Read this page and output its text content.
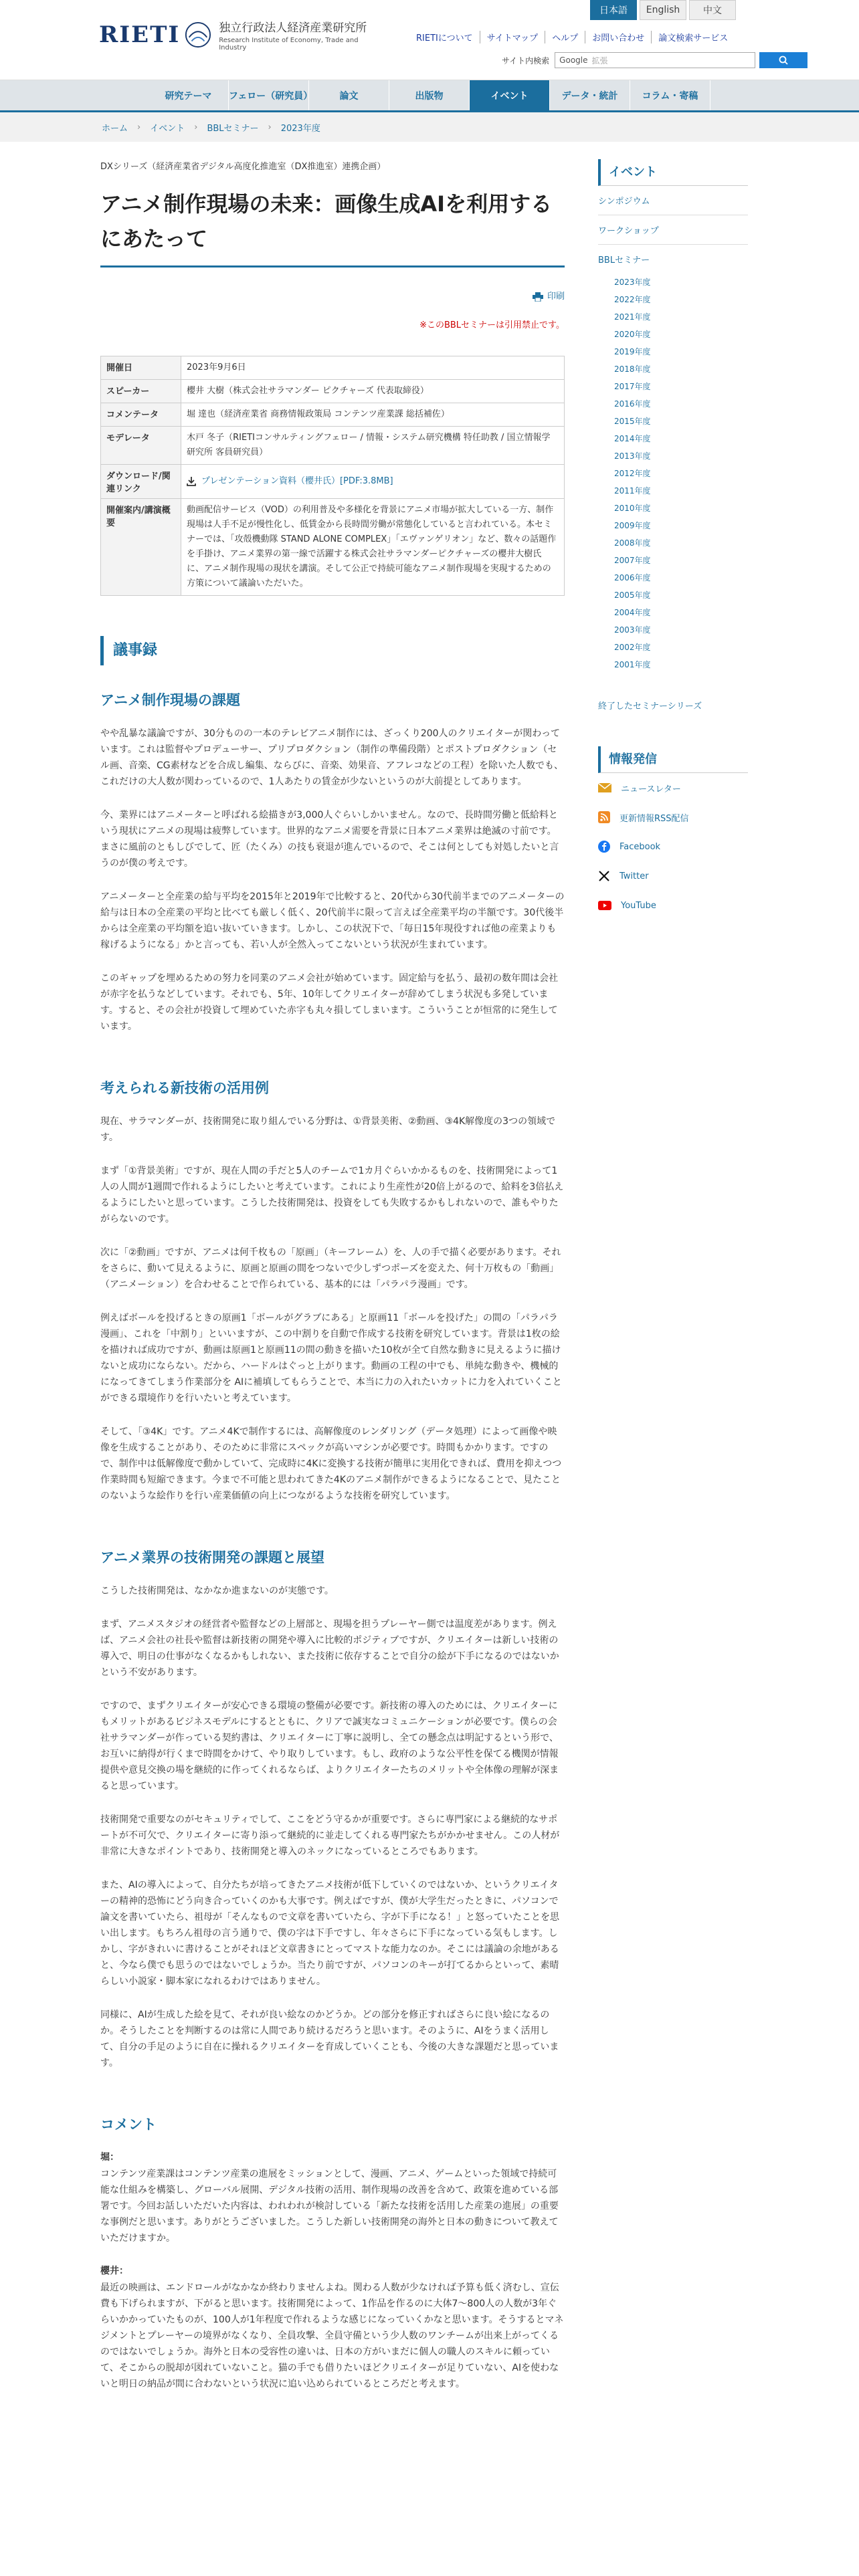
RIETI	独立行政法人経済産業研究所
Research Institute of Economy, Trade and Industry
日本語	English	中文
RIETIについて	サイトマップ	ヘルプ	お問い合わせ	論文検索サービス
サイト内検索 Google 拡張
研究テーマ	フェロー（研究員）	論文	出版物	イベント	データ・統計	コラム・寄稿
ホーム › イベント › BBLセミナー › 2023年度

DXシリーズ（経済産業省デジタル高度化推進室（DX推進室）連携企画）

アニメ制作現場の未来：画像生成AIを利用するにあたって
印刷

※このBBLセミナーは引用禁止です。

開催日	2023年9月6日
スピーカー	櫻井 大樹（株式会社サラマンダー ピクチャーズ 代表取締役）
コメンテータ	堀 達也（経済産業省 商務情報政策局 コンテンツ産業課 総括補佐）
モデレータ	木戸 冬子（RIETIコンサルティングフェロー / 情報・システム研究機構 特任助教 / 国立情報学研究所 客員研究員）
ダウンロード/関連リンク	プレゼンテーション資料（櫻井氏）[PDF:3.8MB]
開催案内/講演概要	動画配信サービス（VOD）の利用普及や多様化を背景にアニメ市場が拡大している一方、制作現場は人手不足が慢性化し、低賃金から長時間労働が常態化していると言われている。本セミナーでは、「攻殻機動隊 STAND ALONE COMPLEX」「エヴァンゲリオン」など、数々の話題作を手掛け、アニメ業界の第一線で活躍する株式会社サラマンダーピクチャーズの櫻井大樹氏に、アニメ制作現場の現状を講演。そして公正で持続可能なアニメ制作現場を実現するための方策について議論いただいた。
議事録
アニメ制作現場の課題

やや乱暴な議論ですが、30分ものの一本のテレビアニメ制作には、ざっくり200人のクリエイターが関わっています。これは監督やプロデューサー、プリプロダクション（制作の準備段階）とポストプロダクション（セル画、音楽、CG素材などを合成し編集、ならびに、音楽、効果音、アフレコなどの工程）を除いた人数でも、これだけの大人数が関わっているので、1人あたりの賃金が少ないというのが大前提としてあります。

今、業界にはアニメーターと呼ばれる絵描きが3,000人ぐらいしかいません。なので、長時間労働と低給料という現状にアニメの現場は疲弊しています。世界的なアニメ需要を背景に日本アニメ業界は絶滅の寸前です。まさに風前のともしびでして、匠（たくみ）の技も衰退が進んでいるので、そこは何としても対処したいと言うのが僕の考えです。

アニメーターと全産業の給与平均を2015年と2019年で比較すると、20代から30代前半までのアニメーターの給与は日本の全産業の平均と比べても厳しく低く、20代前半に限って言えば全産業平均の半額です。30代後半からは全産業の平均額を追い抜いていきます。しかし、この状況下で、「毎日15年現役すれば他の産業よりも稼げるようになる」かと言っても、若い人が全然入ってこないという状況が生まれています。

このギャップを埋めるための努力を同業のアニメ会社が始めています。固定給与を払う、最初の数年間は会社が赤字を払うなどしています。それでも、5年、10年してクリエイターが辞めてしまう状況も多発しています。すると、その会社が投資して埋めていた赤字も丸々損してしまいます。こういうことが恒常的に発生しています。

考えられる新技術の活用例

現在、サラマンダーが、技術開発に取り組んでいる分野は、①背景美術、②動画、③4K解像度の3つの領域です。

まず「①背景美術」ですが、現在人間の手だと5人のチームで1カ月ぐらいかかるものを、技術開発によって1人の人間が1週間で作れるようにしたいと考えています。これにより生産性が20倍上がるので、給料を3倍払えるようにしたいと思っています。こうした技術開発は、投資をしても失敗するかもしれないので、誰もやりたがらないのです。

次に「②動画」ですが、アニメは何千枚もの「原画」（キーフレーム）を、人の手で描く必要があります。それをさらに、動いて見えるように、原画と原画の間をつないで少しずつポーズを変えた、何十万枚もの「動画」（アニメーション）を合わせることで作られている、基本的には「パラパラ漫画」です。

例えばボールを投げるときの原画1「ボールがグラブにある」と原画11「ボールを投げた」の間の「パラパラ漫画」、これを「中割り」といいますが、この中割りを自動で作成する技術を研究しています。背景は1枚の絵を描ければ成功ですが、動画は原画1と原画11の間の動きを描いた10枚が全て自然な動きに見えるように描けないと成功にならない。だから、ハードルはぐっと上がります。動画の工程の中でも、単純な動きや、機械的になってきてしまう作業部分を AIに補填してもらうことで、本当に力の入れたいカットに力を入れていくことができる環境作りを行いたいと考えています。

そして、「③4K」です。アニメ4Kで制作するには、高解像度のレンダリング（データ処理）によって画像や映像を生成することがあり、そのために非常にスペックが高いマシンが必要です。時間もかかります。ですので、制作中は低解像度で動かしていて、完成時に4Kに変換する技術が簡単に実用化できれば、費用を抑えつつ作業時間も短縮できます。今まで不可能と思われてきた4Kのアニメ制作ができるようになることで、見たことのないような絵作りを行い産業価値の向上につながるような技術を研究しています。

アニメ業界の技術開発の課題と展望

こうした技術開発は、なかなか進まないのが実態です。

まず、アニメスタジオの経営者や監督などの上層部と、現場を担うプレーヤー側では温度差があります。例えば、アニメ会社の社長や監督は新技術の開発や導入に比較的ポジティブですが、クリエイターは新しい技術の導入で、明日の仕事がなくなるかもしれない、また技術に依存することで自分の絵が下手になるのではないかという不安があります。

ですので、まずクリエイターが安心できる環境の整備が必要です。新技術の導入のためには、クリエイターにもメリットがあるビジネスモデルにするとともに、クリアで誠実なコミュニケーションが必要です。僕らの会社サラマンダーが作っている契約書は、クリエイターに丁寧に説明し、全ての懸念点は明記するという形で、お互いに納得が行くまで時間をかけて、やり取りしています。もし、政府のような公平性を保てる機関が情報提供や意見交換の場を継続的に作ってくれるならば、よりクリエイターたちのメリットや全体像の理解が深まると思っています。

技術開発で重要なのがセキュリティでして、ここをどう守るかが重要です。さらに専門家による継続的なサポートが不可欠で、クリエイターに寄り添って継続的に並走してくれる専門家たちがかかせません。この人材が非常に大きなポイントであり、技術開発と導入のネックになっているところでもあります。

また、AIの導入によって、自分たちが培ってきたアニメ技術が低下していくのではないか、というクリエイターの精神的恐怖にどう向き合っていくのかも大事です。例えばですが、僕が大学生だったときに、パソコンで論文を書いていたら、祖母が「そんなもので文章を書いていたら、字が下手になる！」と怒っていたことを思い出します。もちろん祖母の言う通りで、僕の字は下手ですし、年々さらに下手になっている気もします。しかし、字がきれいに書けることがそれほど文章書きにとってマストな能力なのか。そこには議論の余地があると、今なら僕でも思うのではないでしょうか。当たり前ですが、パソコンのキーが打てるからといって、素晴らしい小説家・脚本家になれるわけではありません。

同様に、AIが生成した絵を見て、それが良い絵なのかどうか。どの部分を修正すればさらに良い絵になるのか。そうしたことを判断するのは常に人間であり続けるだろうと思います。そのように、AIをうまく活用して、自分の手足のように自在に操れるクリエイターを育成していくことも、今後の大きな課題だと思っています。

コメント

堀：

コンテンツ産業課はコンテンツ産業の進展をミッションとして、漫画、アニメ、ゲームといった領域で持続可能な仕組みを構築し、グローバル展開、デジタル技術の活用、制作現場の改善を含めて、政策を進めている部署です。今回お話しいただいた内容は、われわれが検討している「新たな技術を活用した産業の進展」の重要な事例だと思います。ありがとうございました。こうした新しい技術開発の海外と日本の動きについて教えていただけますか。

櫻井：

最近の映画は、エンドロールがなかなか終わりませんよね。関わる人数が少なければ予算も低く済むし、宣伝費も下げられますが、下がると思います。技術開発によって、1作品を作るのに大体7〜800人の人数が3年ぐらいかかっていたものが、100人が1年程度で作れるような感じになっていくかなと思います。そうするとマネジメントとプレーヤーの境界がなくなり、全員攻撃、全員守備という少人数のワンチームが出来上がってくるのではないでしょうか。海外と日本の受容性の違いは、日本の方がいまだに個人の職人のスキルに頼っていて、そこからの脱却が図れていないこと。猫の手でも借りたいほどクリエイターが足りていない、AIを使わないと明日の納品が間に合わないという状況に追い込められているところだと考えます。

イベント
シンポジウム
ワークショップ
BBLセミナー
2023年度
2022年度
2021年度
2020年度
2019年度
2018年度
2017年度
2016年度
2015年度
2014年度
2013年度
2012年度
2011年度
2010年度
2009年度
2008年度
2007年度
2006年度
2005年度
2004年度
2003年度
2002年度
2001年度
終了したセミナーシリーズ
情報発信
ニュースレター
更新情報RSS配信
Facebook
Twitter
YouTube
